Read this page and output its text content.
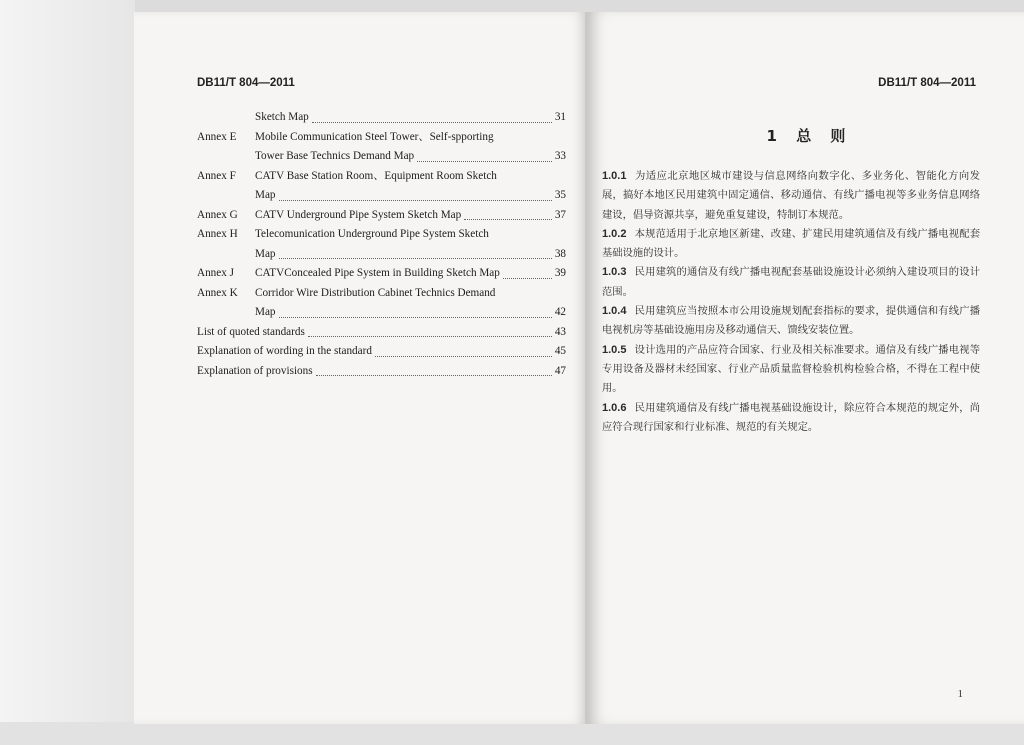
DB11/T 804—2011
Sketch Map	31
Annex E Mobile Communication Steel Tower、Self-spporting
Tower Base Technics Demand Map	33
Annex F CATV Base Station Room、Equipment Room Sketch
Map	35
Annex G CATV Underground Pipe System Sketch Map	37
Annex H Telecomunication Underground Pipe System Sketch
Map	38
Annex J CATVConcealed Pipe System in Building Sketch Map	39
Annex K Corridor Wire Distribution Cabinet Technics Demand
Map	42
List of quoted standards	43
Explanation of wording in the standard	45
Explanation of provisions	47
DB11/T 804—2011
1 总 则

1.0.1 为适应北京地区城市建设与信息网络向数字化、多业务化、智能化方向发展，搞好本地区民用建筑中固定通信、移动通信、有线广播电视等多业务信息网络建设，倡导资源共享，避免重复建设，特制订本规范。

1.0.2 本规范适用于北京地区新建、改建、扩建民用建筑通信及有线广播电视配套基础设施的设计。

1.0.3 民用建筑的通信及有线广播电视配套基础设施设计必须纳入建设项目的设计范围。

1.0.4 民用建筑应当按照本市公用设施规划配套指标的要求，提供通信和有线广播电视机房等基础设施用房及移动通信天、馈线安装位置。

1.0.5 设计选用的产品应符合国家、行业及相关标准要求。通信及有线广播电视等专用设备及器材未经国家、行业产品质量监督检验机构检验合格，不得在工程中使用。

1.0.6 民用建筑通信及有线广播电视基础设施设计，除应符合本规范的规定外，尚应符合现行国家和行业标准、规范的有关规定。

1
